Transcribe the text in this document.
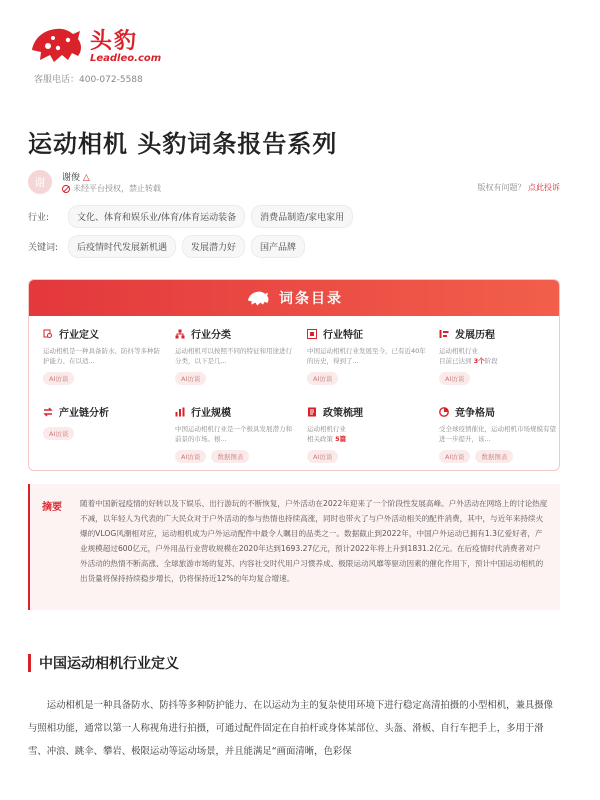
头豹
Leadleo.com
客服电话：400-072-5588
运动相机 头豹词条报告系列
谢	谢俊 △
未经平台授权，禁止转载	版权有问题？ 点此投诉
行业:	文化、体育和娱乐业/体育/体育运动装备	消费品制造/家电家用
关键词:	后疫情时代发展新机遇	发展潜力好	国产品牌
词条目录
行业定义
运动相机是一种具备防水、防抖等多种防护能力、在以适...
AI访谈
行业分类
运动相机可以按照不同的特征和用途进行分类，以下是几...
AI访谈
行业特征
中国运动相机行业发展至今，已有近40年的历史，得到了...
AI访谈
发展历程
运动相机行业
目前已达到 3个阶段
AI访谈
产业链分析
AI访谈
行业规模
中国运动相机行业是一个极具发展潜力和前景的市场。根...
AI访谈	数据图表
政策梳理
运动相机行业
相关政策 5篇
AI访谈
竞争格局
受全球疫情催化，运动相机市场规模有望进一步提升，该...
AI访谈	数据图表
摘要 随着中国新冠疫情的好转以及下娱乐、出行游玩的不断恢复，户外活动在2022年迎来了一个阶段性发展高峰。户外活动在网络上的讨论热度不减，以年轻人为代表的广大民众对于户外活动的参与热情也持续高涨，同时也带火了与户外活动相关的配件消费，其中，与近年来持续火爆的VLOG风潮相对应，运动相机成为户外运动配件中最令人瞩目的品类之一。数据截止到2022年，中国户外运动已拥有1.3亿爱好者，产业规模超过600亿元，户外用品行业营收规模在2020年达到1693.27亿元，预计2022年将上升到1831.2亿元。在后疫情时代消费者对户外活动的热情不断高涨、全球旅游市场的复苏、内容社交时代用户习惯养成、极限运动风靡等驱动因素的催化作用下，预计中国运动相机的出货量将保持持续稳步增长，仍将保持近12%的年均复合增速。

中国运动相机行业定义

运动相机是一种具备防水、防抖等多种防护能力、在以运动为主的复杂使用环境下进行稳定高清拍摄的小型相机，兼具摄像与照相功能，通常以第一人称视角进行拍摄，可通过配件固定在自拍杆或身体某部位、头盔、滑板、自行车把手上，多用于滑雪、冲浪、跳伞、攀岩、极限运动等运动场景，并且能满足“画面清晰，色彩保
